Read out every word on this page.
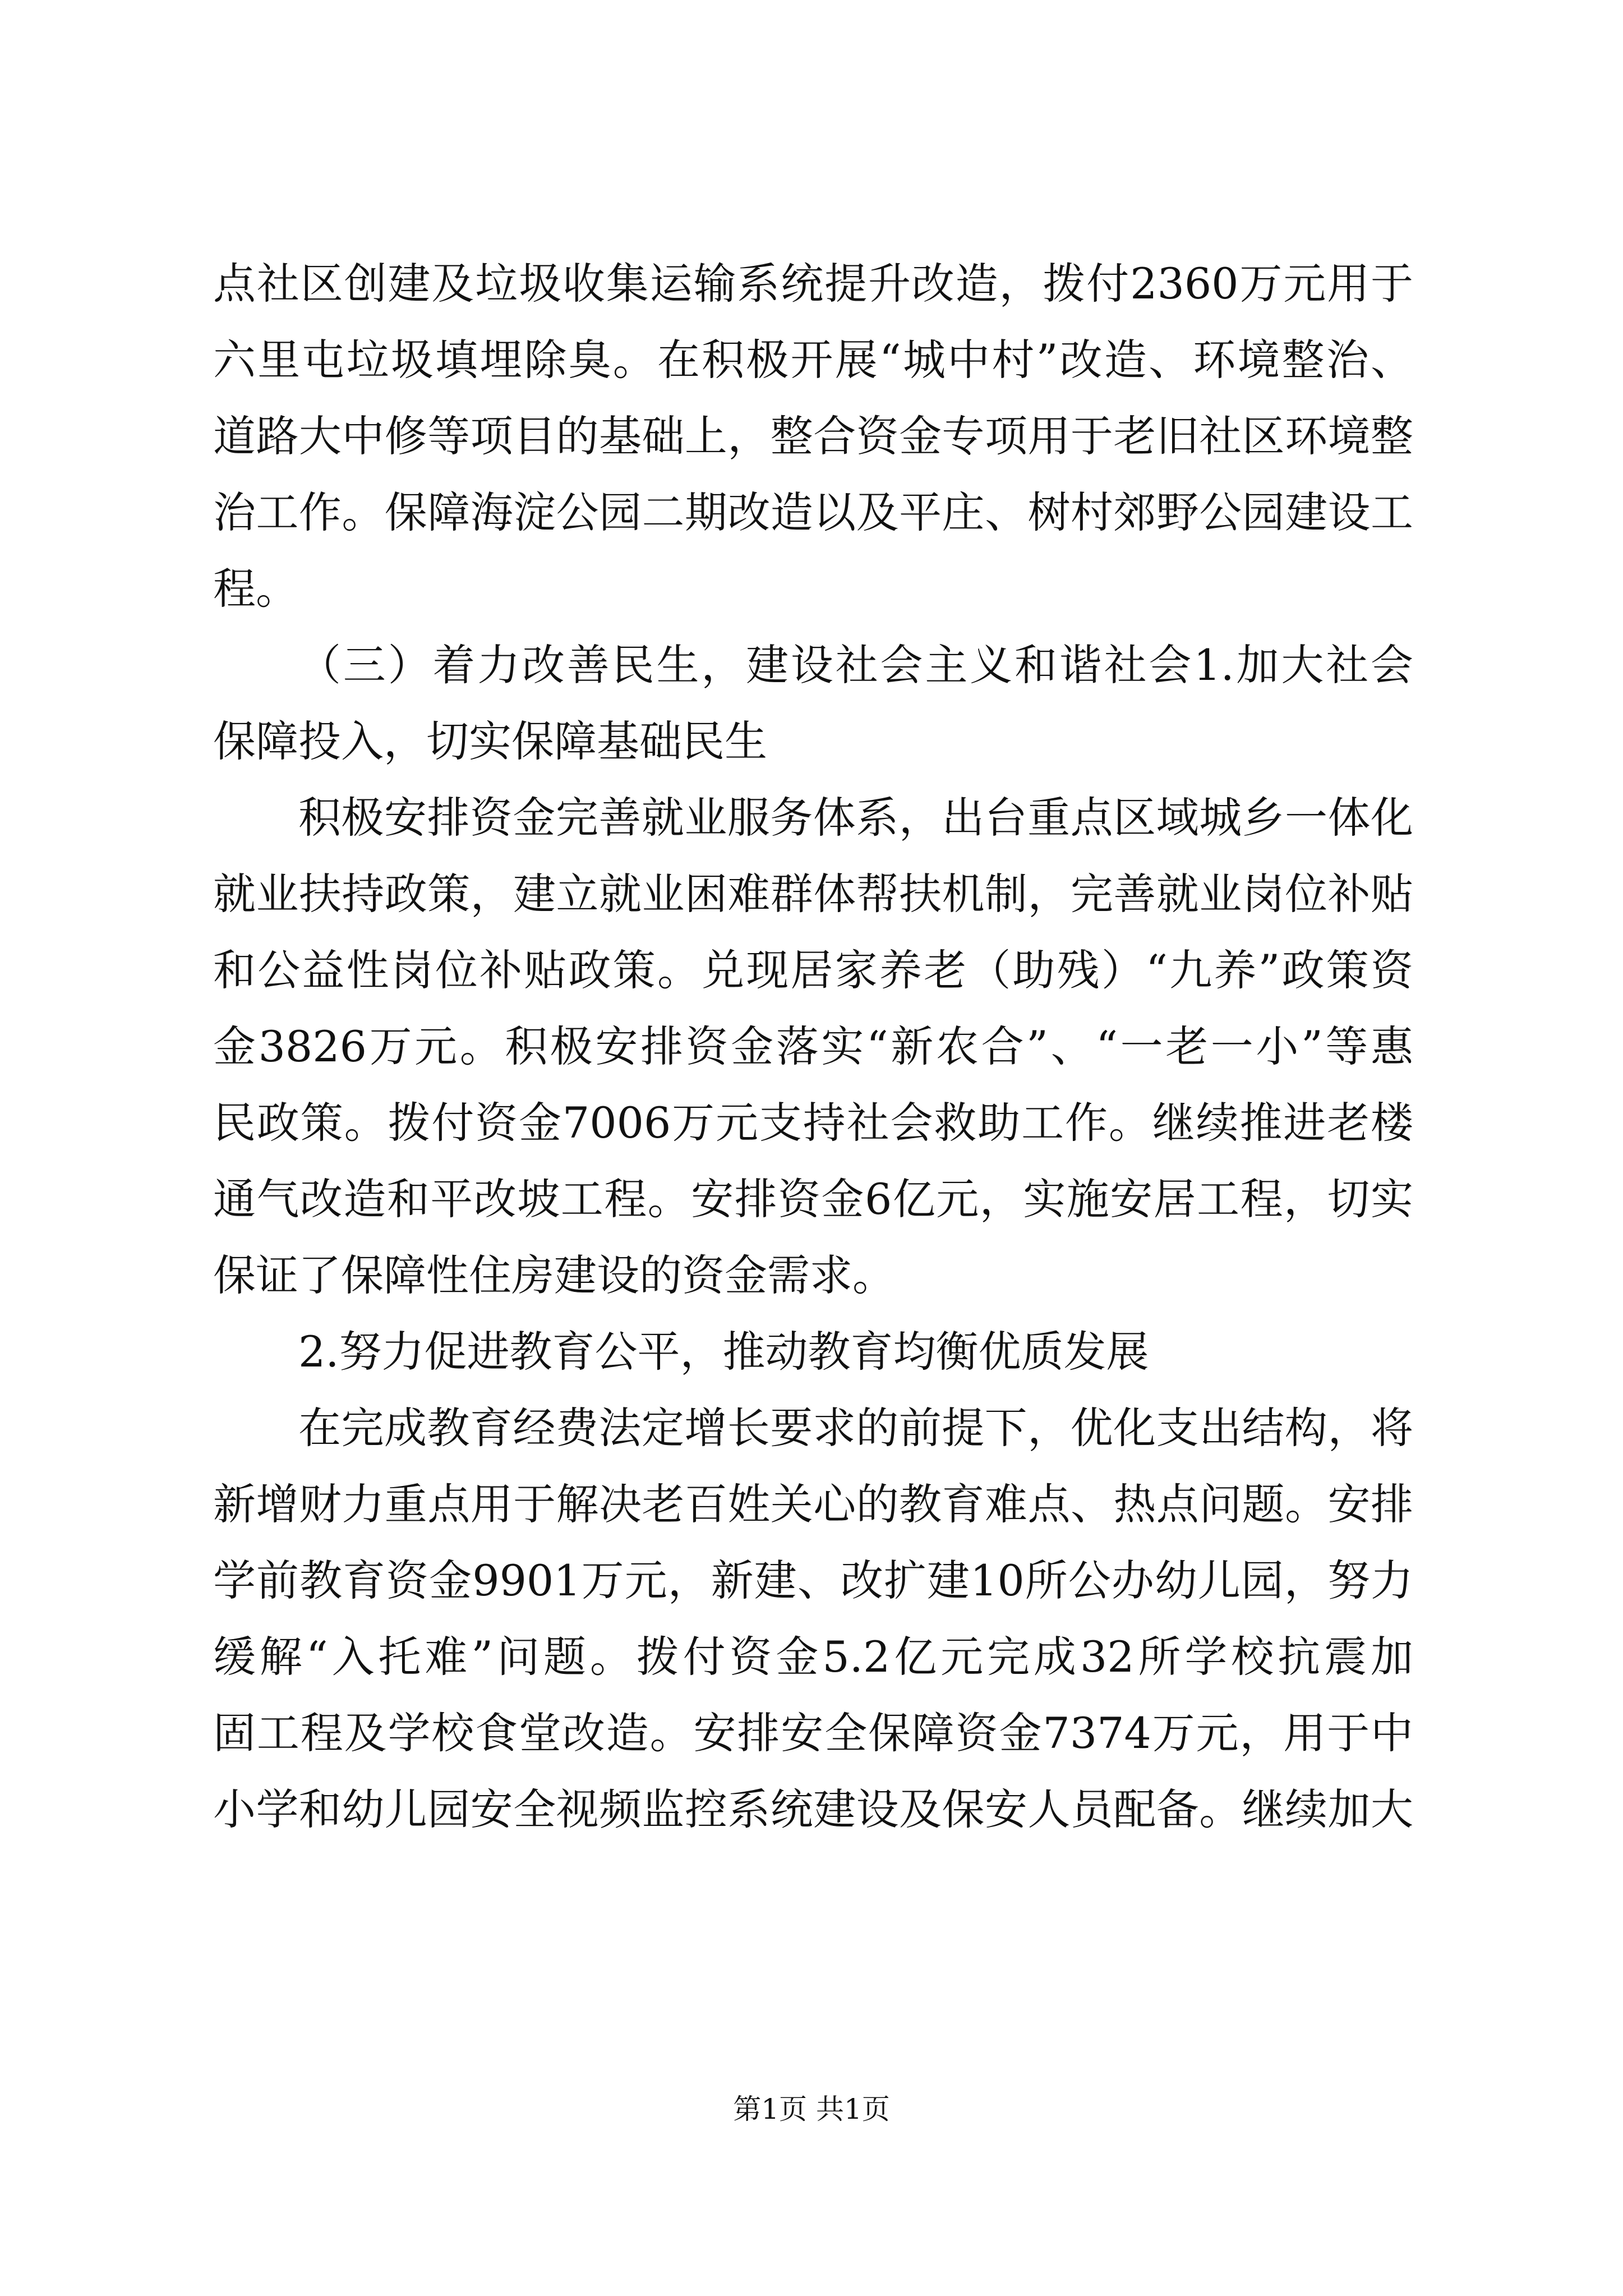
点社区创建及垃圾收集运输系统提升改造，拨付2360万元用于
六里屯垃圾填埋除臭。在积极开展“城中村”改造、环境整治、
道路大中修等项目的基础上，整合资金专项用于老旧社区环境整
治工作。保障海淀公园二期改造以及平庄、树村郊野公园建设工
程。
（三）着力改善民生，建设社会主义和谐社会1.加大社会
保障投入，切实保障基础民生
积极安排资金完善就业服务体系，出台重点区域城乡一体化
就业扶持政策，建立就业困难群体帮扶机制，完善就业岗位补贴
和公益性岗位补贴政策。兑现居家养老（助残）“九养”政策资
金3826万元。积极安排资金落实“新农合”、“一老一小”等惠
民政策。拨付资金7006万元支持社会救助工作。继续推进老楼
通气改造和平改坡工程。安排资金6亿元，实施安居工程，切实
保证了保障性住房建设的资金需求。
2.努力促进教育公平，推动教育均衡优质发展
在完成教育经费法定增长要求的前提下，优化支出结构，将
新增财力重点用于解决老百姓关心的教育难点、热点问题。安排
学前教育资金9901万元，新建、改扩建10所公办幼儿园，努力
缓解“入托难”问题。拨付资金5.2亿元完成32所学校抗震加
固工程及学校食堂改造。安排安全保障资金7374万元，用于中
小学和幼儿园安全视频监控系统建设及保安人员配备。继续加大
第1页 共1页
